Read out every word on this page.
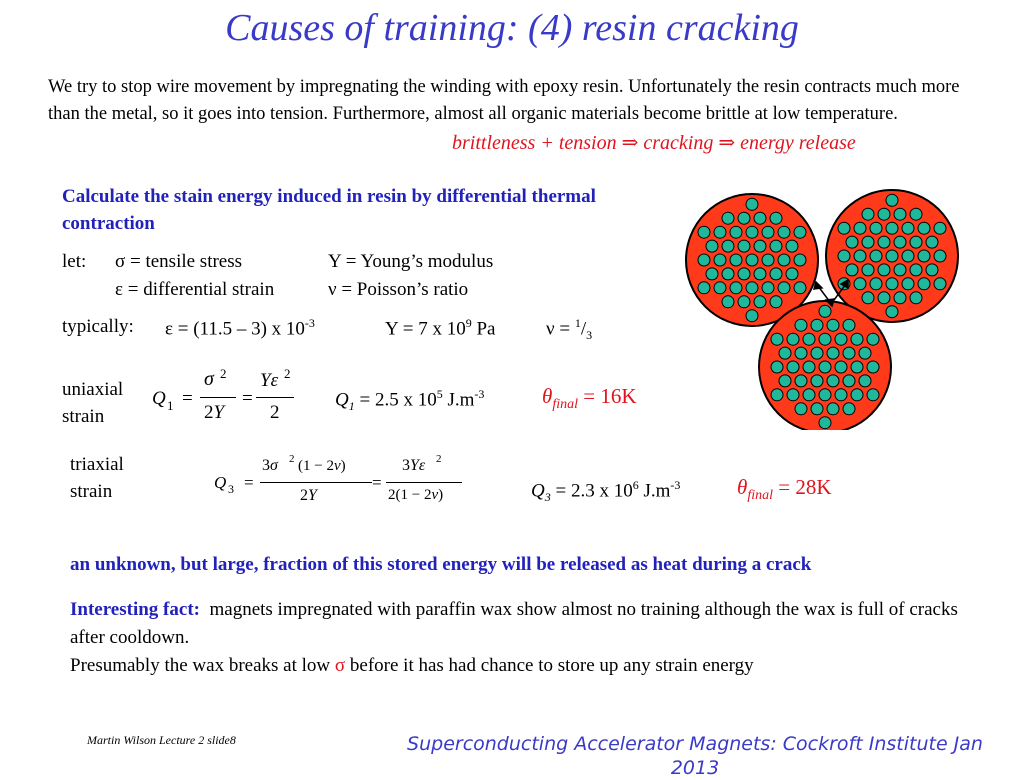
Causes of training: (4) resin cracking
We try to stop wire movement by impregnating the winding with epoxy resin. Unfortunately the resin contracts much more than the metal, so it goes into tension. Furthermore, almost all organic materials become brittle at low temperature.
brittleness + tension ⇒ cracking ⇒ energy release
Calculate the stain energy induced in resin by differential thermal contraction
let: σ = tensile stress	Y = Young’s modulus
ε = differential strain	ν = Poisson’s ratio
typically: ε = (11.5 – 3) x $10^{-3}$	Y = 7 x $10^9$ Pa	$\nu = ^1/_3$
uniaxial strain
Q 1 =
σ 2
2Y
=
Yε 2
2
$Q_1 = 2.5$ x $10^5$ $J.m^{-3}$	$\theta_{final} = 16K$
triaxial strain	Q 3 =
3σ 2 (1 − 2ν)
2Y
=
3Yε 2
2(1 − 2ν)	$Q_3 = 2.3$ x $10^6$ $J.m^{-3}$	$\theta_{final} = 28K$
an unknown, but large, fraction of this stored energy will be released as heat during a crack
Interesting fact: magnets impregnated with paraffin wax show almost no training although the wax is full of cracks after cooldown.
Presumably the wax breaks at low σ before it has had chance to store up any strain energy
Martin Wilson Lecture 2 slide8	Superconducting Accelerator Magnets: Cockroft Institute Jan 2013
